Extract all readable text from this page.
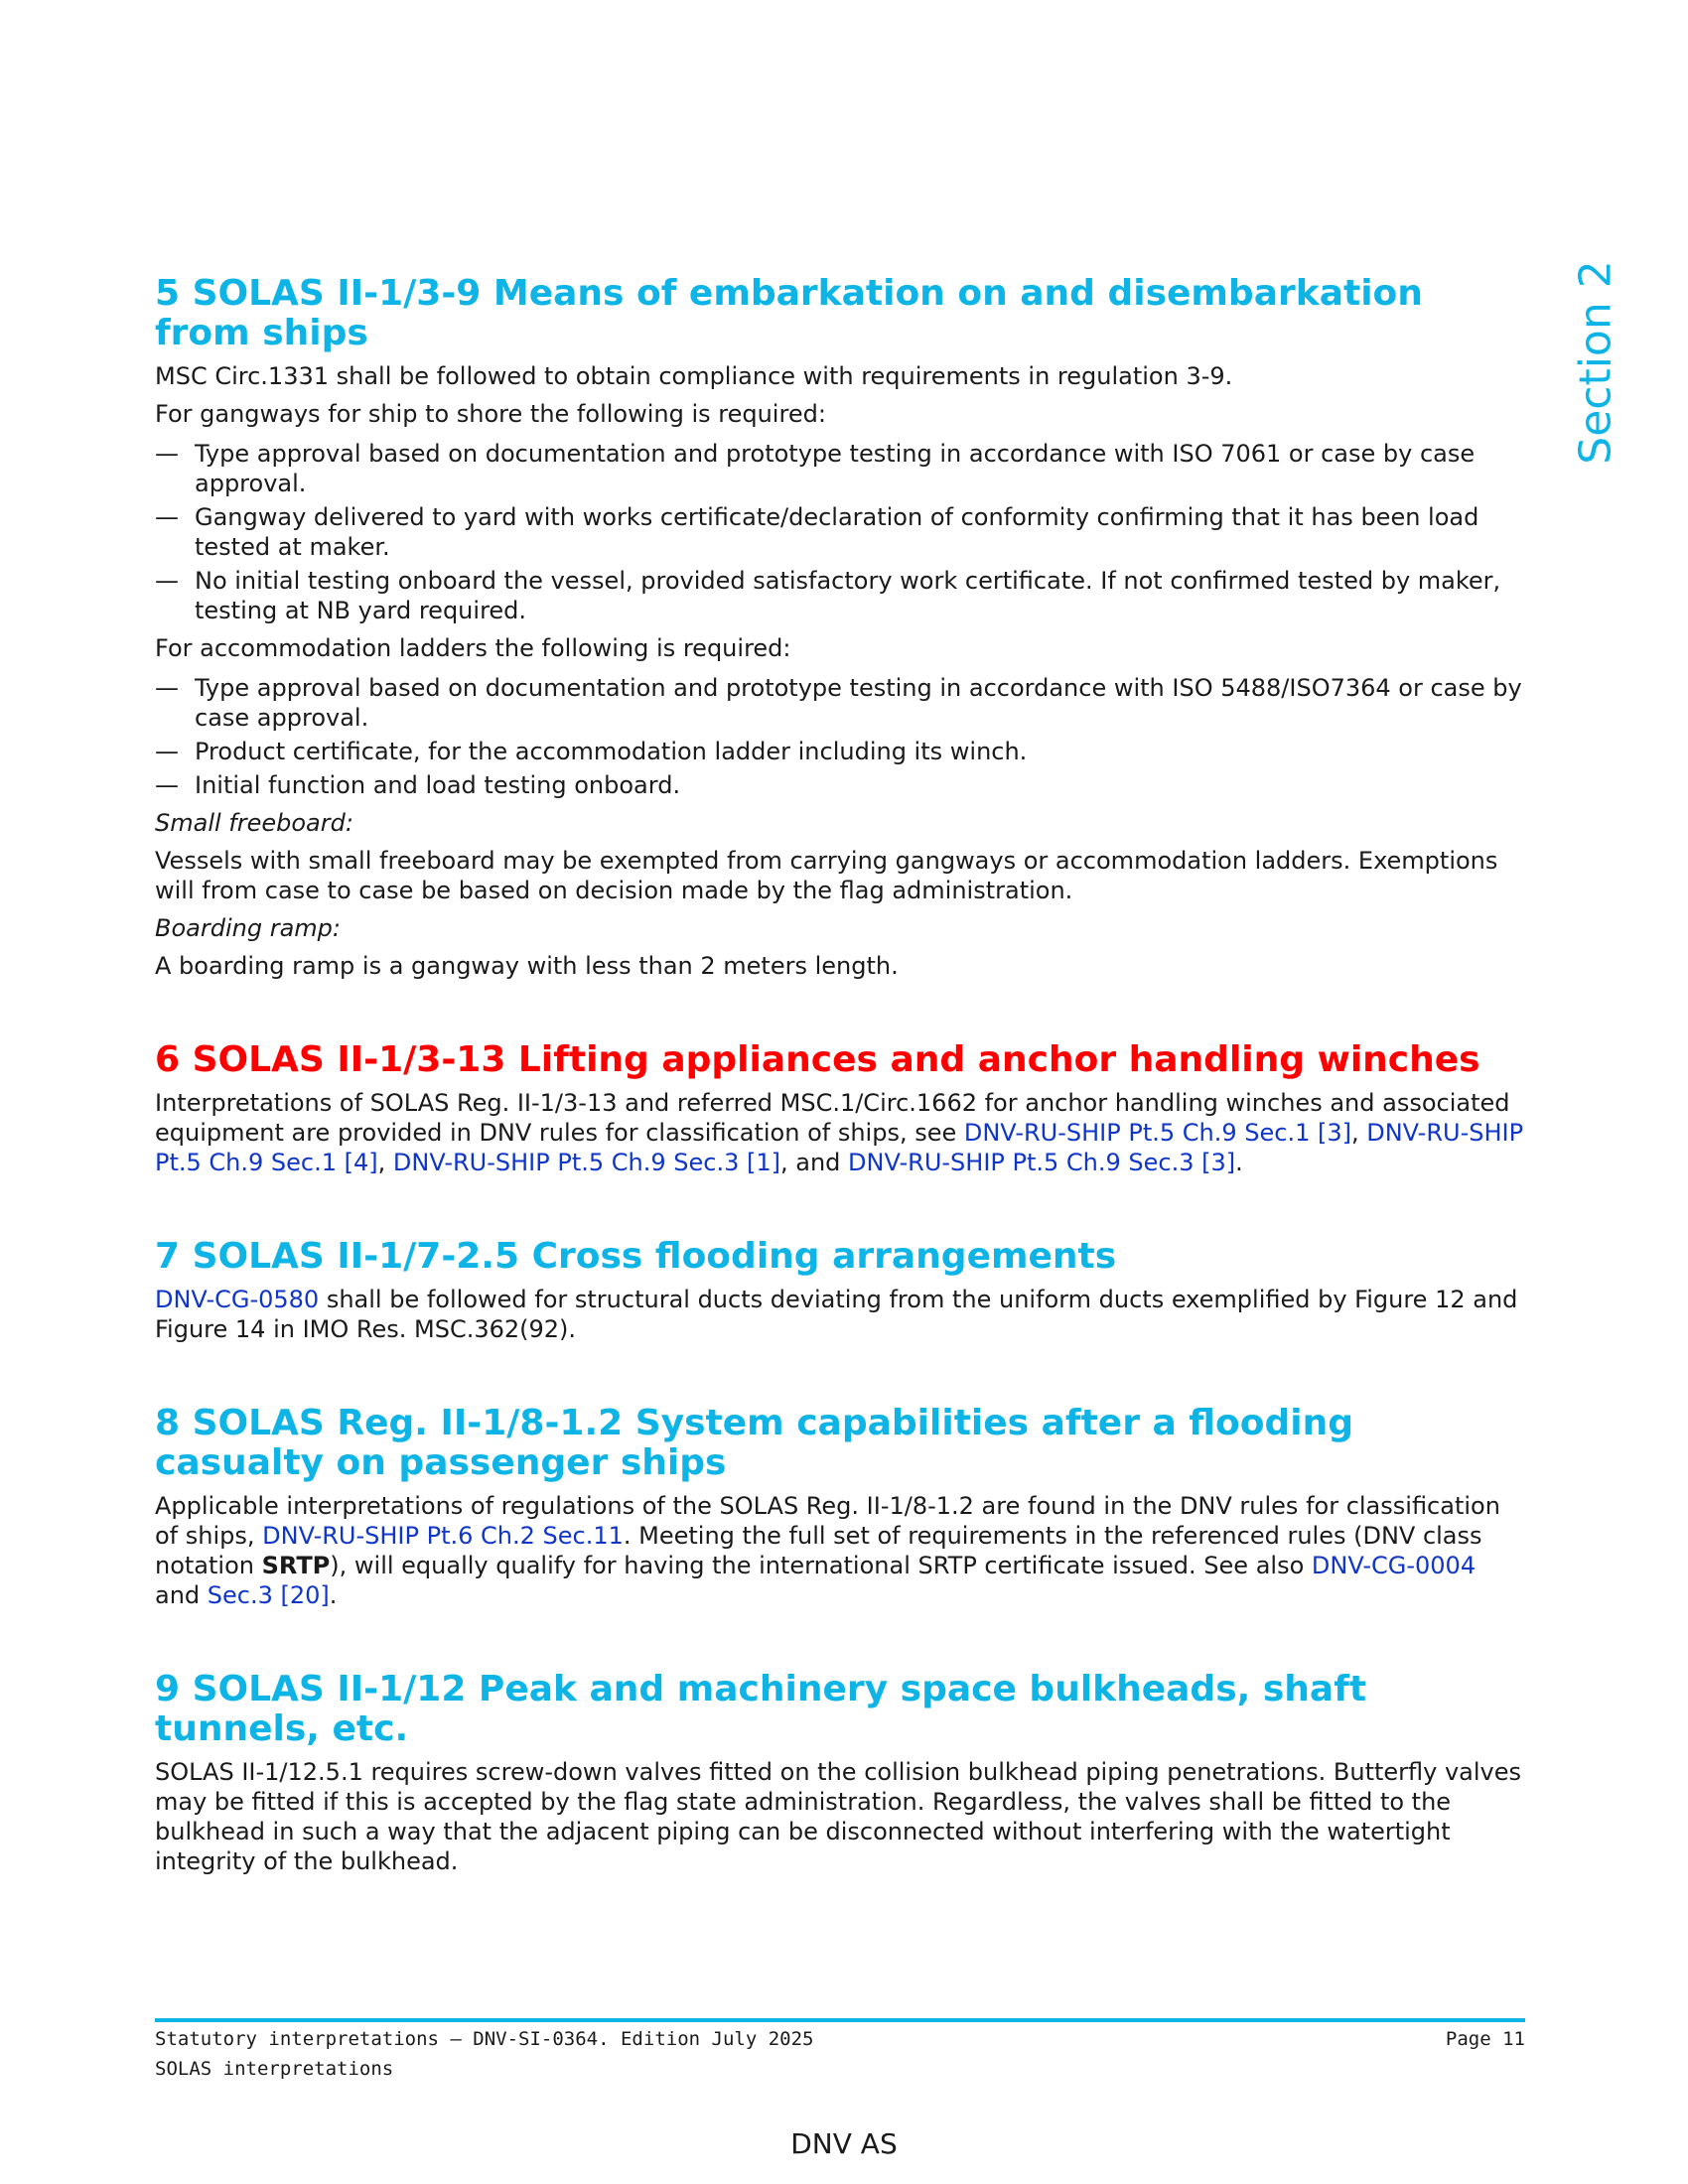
Section 2
5 SOLAS II-1/3-9 Means of embarkation on and disembarkation from ships

MSC Circ.1331 shall be followed to obtain compliance with requirements in regulation 3-9.

For gangways for ship to shore the following is required:

— Type approval based on documentation and prototype testing in accordance with ISO 7061 or case by case approval.
— Gangway delivered to yard with works certificate/declaration of conformity confirming that it has been load tested at maker.
— No initial testing onboard the vessel, provided satisfactory work certificate. If not confirmed tested by maker, testing at NB yard required.

For accommodation ladders the following is required:

— Type approval based on documentation and prototype testing in accordance with ISO 5488/ISO7364 or case by case approval.
— Product certificate, for the accommodation ladder including its winch.
— Initial function and load testing onboard.

Small freeboard:

Vessels with small freeboard may be exempted from carrying gangways or accommodation ladders. Exemptions will from case to case be based on decision made by the flag administration.

Boarding ramp:

A boarding ramp is a gangway with less than 2 meters length.

6 SOLAS II-1/3-13 Lifting appliances and anchor handling winches

Interpretations of SOLAS Reg. II-1/3-13 and referred MSC.1/Circ.1662 for anchor handling winches and associated equipment are provided in DNV rules for classification of ships, see DNV-RU-SHIP Pt.5 Ch.9 Sec.1 [3], DNV-RU-SHIP Pt.5 Ch.9 Sec.1 [4], DNV-RU-SHIP Pt.5 Ch.9 Sec.3 [1], and DNV-RU-SHIP Pt.5 Ch.9 Sec.3 [3].

7 SOLAS II-1/7-2.5 Cross flooding arrangements

DNV-CG-0580 shall be followed for structural ducts deviating from the uniform ducts exemplified by Figure 12 and Figure 14 in IMO Res. MSC.362(92).

8 SOLAS Reg. II-1/8-1.2 System capabilities after a flooding casualty on passenger ships

Applicable interpretations of regulations of the SOLAS Reg. II-1/8-1.2 are found in the DNV rules for classification of ships, DNV-RU-SHIP Pt.6 Ch.2 Sec.11. Meeting the full set of requirements in the referenced rules (DNV class notation SRTP), will equally qualify for having the international SRTP certificate issued. See also DNV-CG-0004 and Sec.3 [20].

9 SOLAS II-1/12 Peak and machinery space bulkheads, shaft tunnels, etc.

SOLAS II-1/12.5.1 requires screw-down valves fitted on the collision bulkhead piping penetrations. Butterfly valves may be fitted if this is accepted by the flag state administration. Regardless, the valves shall be fitted to the bulkhead in such a way that the adjacent piping can be disconnected without interfering with the watertight integrity of the bulkhead.

Statutory interpretations — DNV-SI-0364. Edition July 2025
SOLAS interpretations
Page 11
DNV AS
